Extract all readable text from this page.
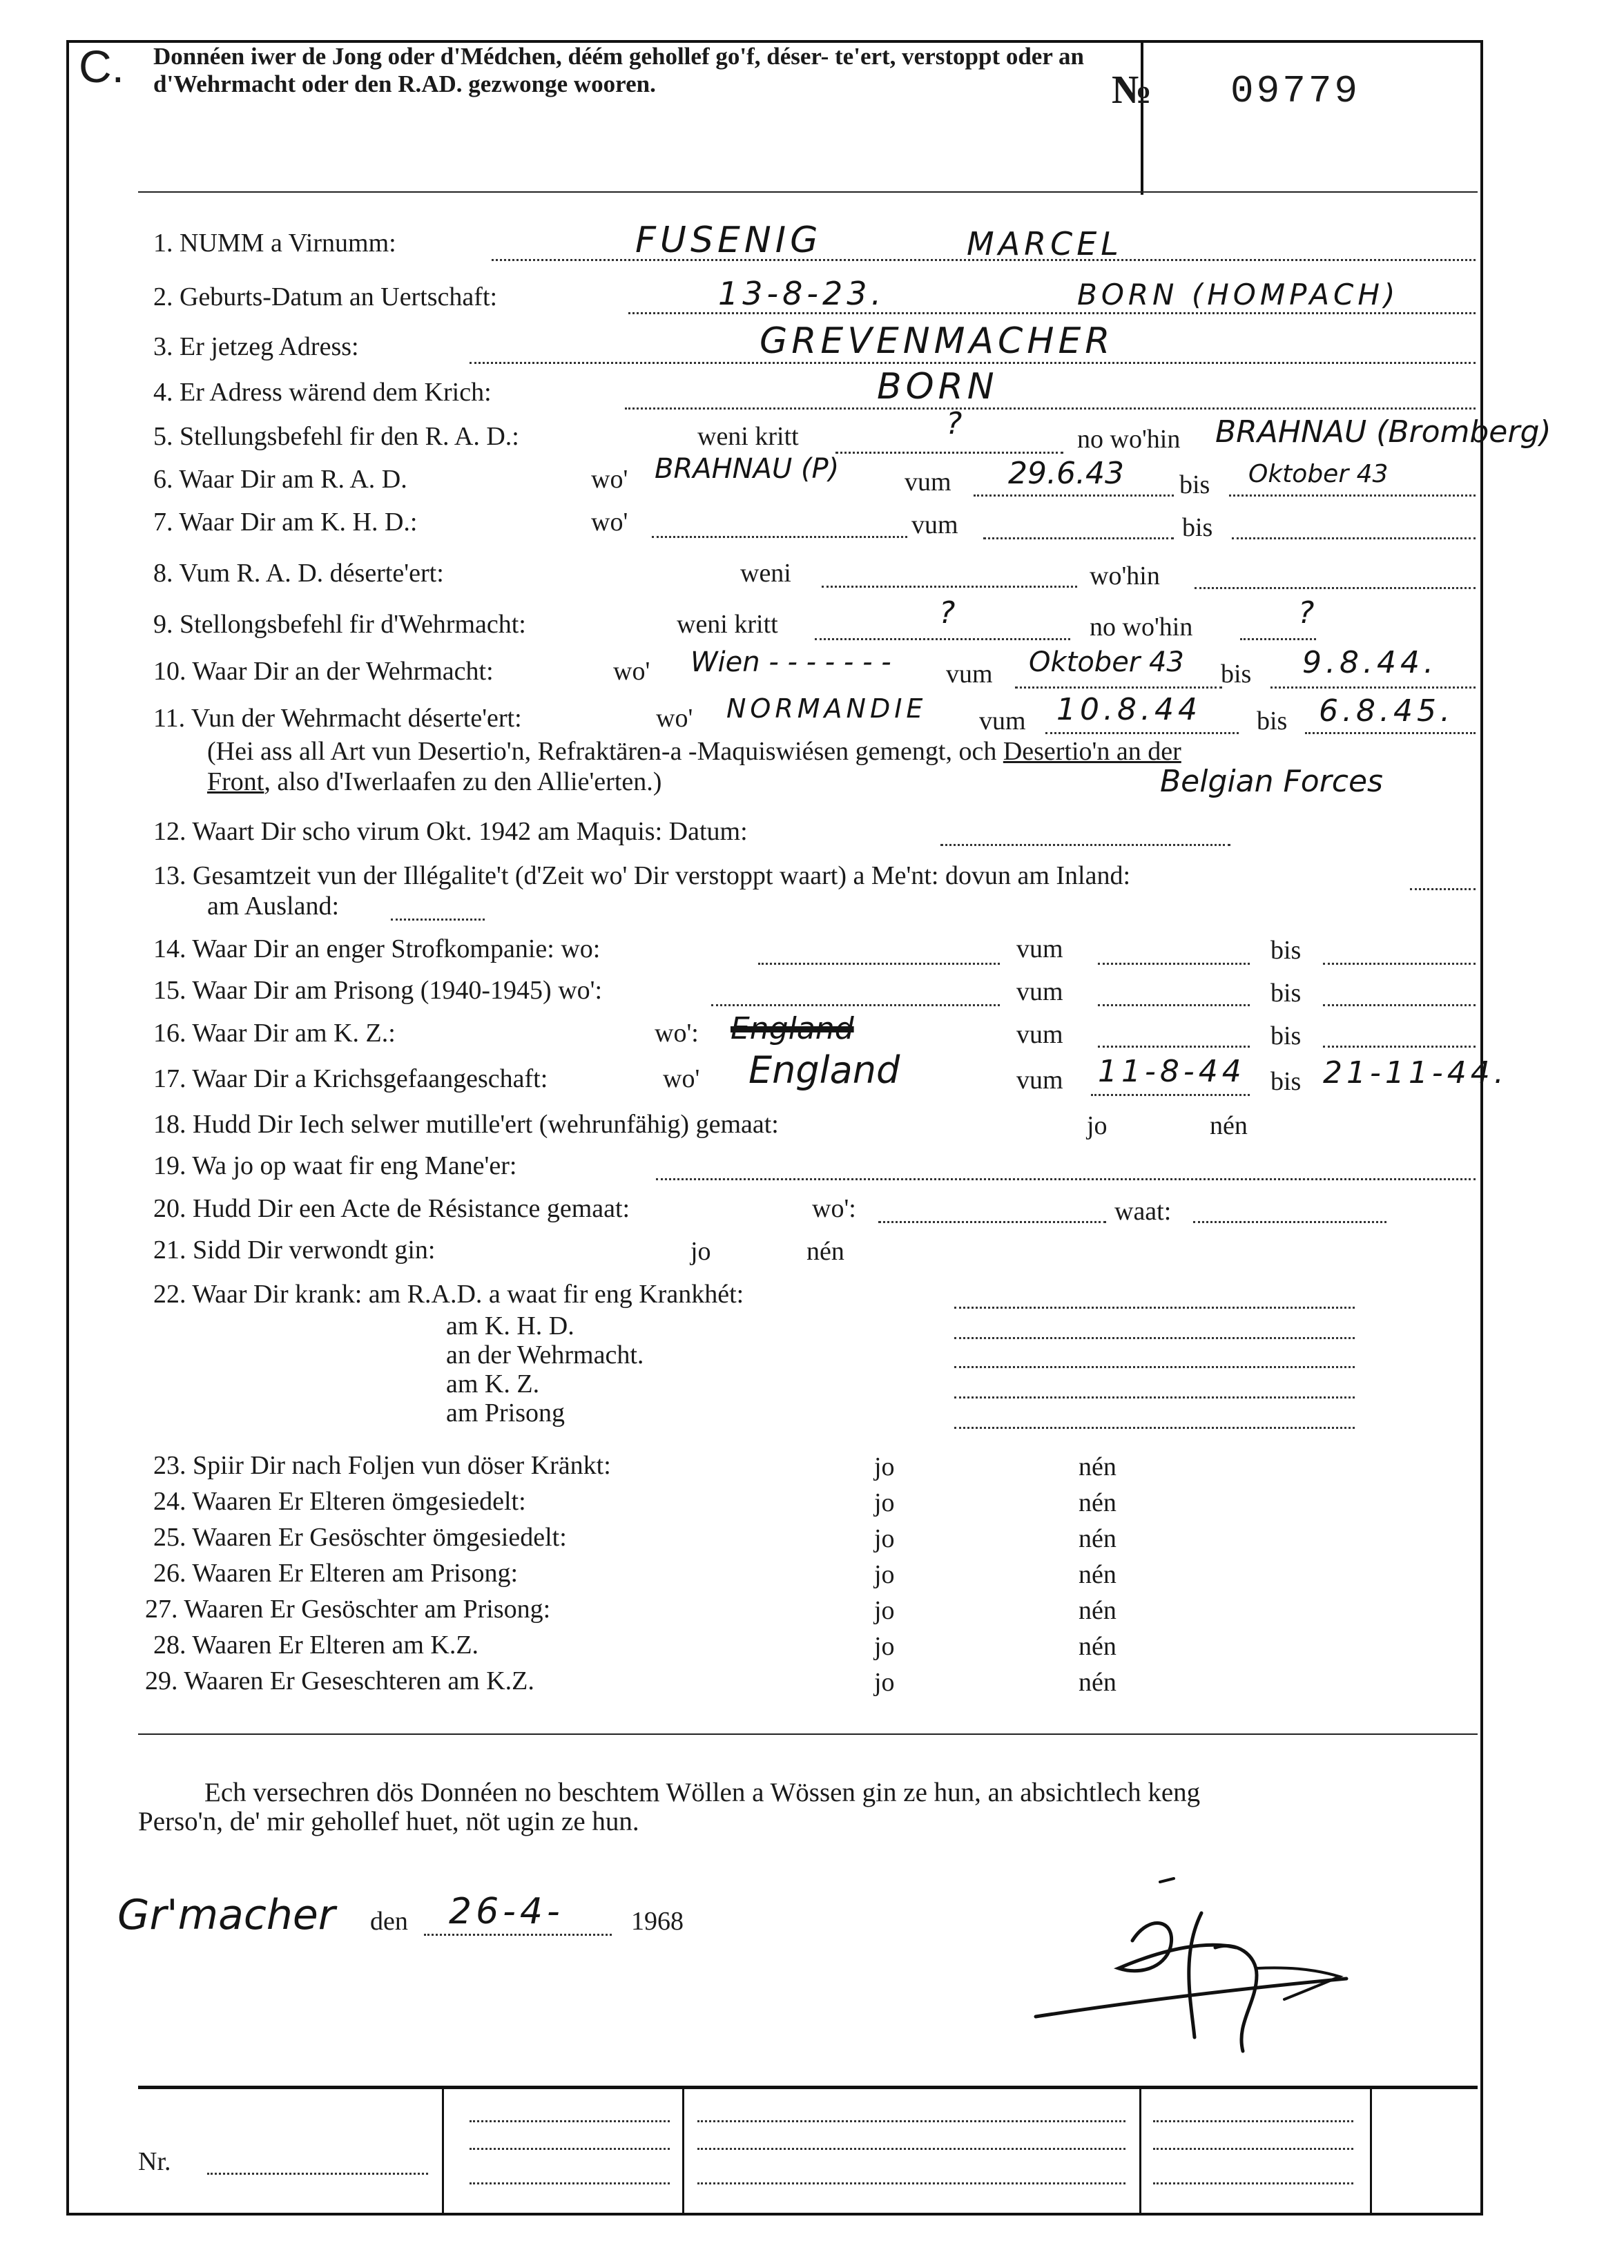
C. Donnéen iwer de Jong oder d'Médchen, déém gehollef go'f, déser- te'ert, verstoppt oder an d'Wehrmacht oder den R.AD. gezwonge wooren.	№ 09779
1. NUMM a Virnumm:	FUSENIG	MARCEL
2. Geburts-Datum an Uertschaft:	13-8-23.	BORN (HOMPACH)
3. Er jetzeg Adress:	GREVENMACHER
4. Er Adress wärend dem Krich:	BORN
5. Stellungsbefehl fir den R. A. D.:	weni kritt	?	no wo'hin BRAHNAU (Bromberg)
6. Waar Dir am R. A. D.	wo' BRAHNAU (P) vum 29.6.43 bis Oktober 43
7. Waar Dir am K. H. D.:	wo'	vum	bis
8. Vum R. A. D. déserte'ert:	weni	wo'hin
9. Stellongsbefehl fir d'Wehrmacht:	weni kritt	?	no wo'hin	?
10. Waar Dir an der Wehrmacht:	wo' Wien - - - - - - - vum Oktober 43 bis 9.8.44.
11. Vun der Wehrmacht déserte'ert:	wo' NORMANDIE vum 10.8.44 bis 6.8.45.
(Hei ass all Art vun Desertio'n, Refraktären-a -Maquiswiésen gemengt, och Desertio'n an der
Front, also d'Iwerlaafen zu den Allie'erten.)	Belgian Forces
12. Waart Dir scho virum Okt. 1942 am Maquis: Datum:
13. Gesamtzeit vun der Illégalite't (d'Zeit wo' Dir verstoppt waart) a Me'nt: dovun am Inland:
am Ausland:
14. Waar Dir an enger Strofkompanie: wo:	vum	bis
15. Waar Dir am Prisong (1940-1945) wo':	vum	bis
16. Waar Dir am K. Z.:	wo': England	vum	bis
17. Waar Dir a Krichsgefaangeschaft:	wo' England	vum 11-8-44 bis 21-11-44.
18. Hudd Dir Iech selwer mutille'ert (wehrunfähig) gemaat:	jo	nén
19. Wa jo op waat fir eng Mane'er:
20. Hudd Dir een Acte de Résistance gemaat:	wo':	waat:
21. Sidd Dir verwondt gin:	jo	nén
22. Waar Dir krank: am R.A.D. a waat fir eng Krankhét:
am K. H. D.
an der Wehrmacht.
am K. Z.
am Prisong
23. Spiir Dir nach Foljen vun döser Kränkt:	jo	nén
24. Waaren Er Elteren ömgesiedelt:	jo	nén
25. Waaren Er Gesöschter ömgesiedelt:	jo	nén
26. Waaren Er Elteren am Prisong:	jo	nén
27. Waaren Er Gesöschter am Prisong:	jo	nén
28. Waaren Er Elteren am K.Z.	jo	nén
29. Waaren Er Geseschteren am K.Z.	jo	nén
Ech versechren dös Donnéen no beschtem Wöllen a Wössen gin ze hun, an absichtlech keng
Perso'n, de' mir gehollef huet, nöt ugin ze hun.
Gr'macher den 26-4-	1968
Nr.
